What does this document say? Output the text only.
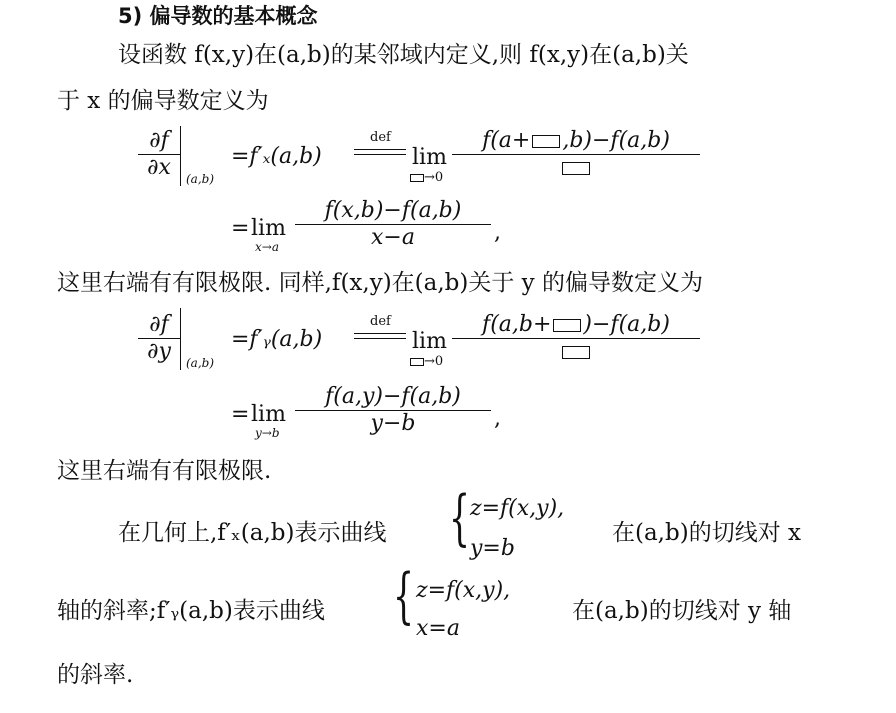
5) 偏导数的基本概念
设函数 f(x,y)在(a,b)的某邻域内定义,则 f(x,y)在(a,b)关
于 x 的偏导数定义为
$\frac{\partial f}{\partial x} (a,b)$
=f′ₓ(a,b)
def
lim
→0
f(a+ ,b)−f(a,b)
= lim
$x\to a \frac{f(x,b)-f(a,b)}{x-a}$ ,
这里右端有有限极限. 同样,f(x,y)在(a,b)关于 y 的偏导数定义为
$\frac{\partial f}{\partial y} (a,b)$
=f′ᵧ(a,b)
def
lim
→0
f(a,b+ )−f(a,b)
= lim
$y\to b \frac{f(a,y)-f(a,b)}{y-b}$ ,
这里右端有有限极限.
在几何上,f′ₓ(a,b)表示曲线 { z=f(x,y),
y=b
在(a,b)的切线对 x
轴的斜率;f′ᵧ(a,b)表示曲线 { z=f(x,y),
x=a
在(a,b)的切线对 y 轴
的斜率.
